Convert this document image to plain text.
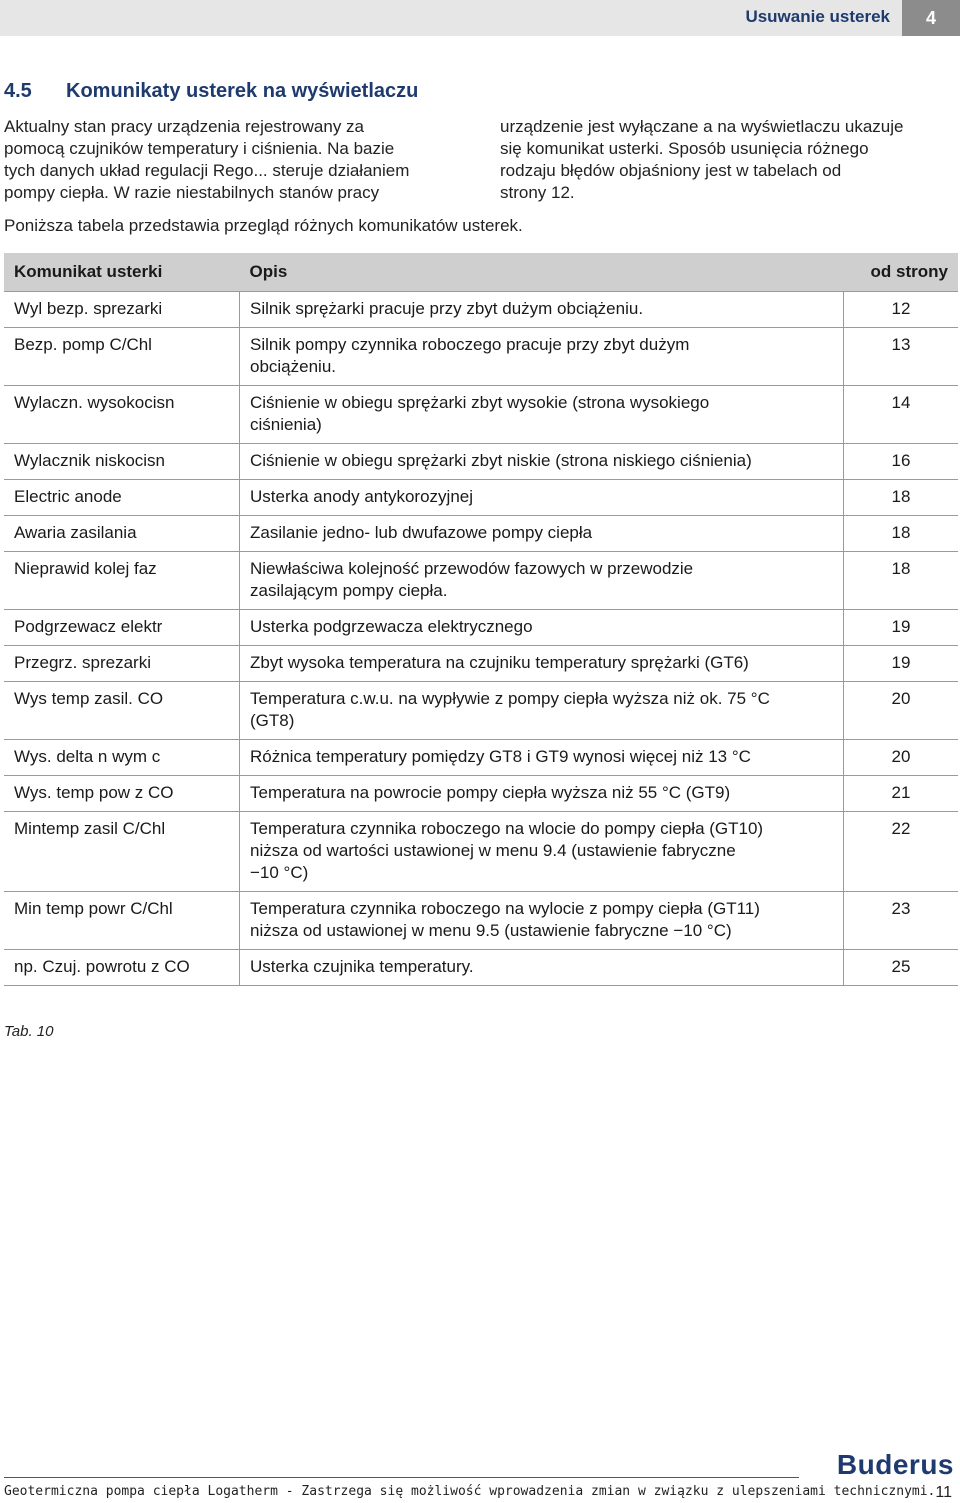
Usuwanie usterek	4
4.5 Komunikaty usterek na wyświetlaczu
Aktualny stan pracy urządzenia rejestrowany za
pomocą czujników temperatury i ciśnienia. Na bazie
tych danych układ regulacji Rego... steruje działaniem
pompy ciepła. W razie niestabilnych stanów pracy
urządzenie jest wyłączane a na wyświetlaczu ukazuje
się komunikat usterki. Sposób usunięcia różnego
rodzaju błędów objaśniony jest w tabelach od
strony 12.
Poniższa tabela przedstawia przegląd różnych komunikatów usterek.
Komunikat usterki	Opis	od strony
Wyl bezp. sprezarki	Silnik sprężarki pracuje przy zbyt dużym obciążeniu.	12
Bezp. pomp C/Chl	Silnik pompy czynnika roboczego pracuje przy zbyt dużym
obciążeniu.	13
Wylaczn. wysokocisn	Ciśnienie w obiegu sprężarki zbyt wysokie (strona wysokiego
ciśnienia)	14
Wylacznik niskocisn	Ciśnienie w obiegu sprężarki zbyt niskie (strona niskiego ciśnienia)	16
Electric anode	Usterka anody antykorozyjnej	18
Awaria zasilania	Zasilanie jedno- lub dwufazowe pompy ciepła	18
Nieprawid kolej faz	Niewłaściwa kolejność przewodów fazowych w przewodzie
zasilającym pompy ciepła.	18
Podgrzewacz elektr	Usterka podgrzewacza elektrycznego	19
Przegrz. sprezarki	Zbyt wysoka temperatura na czujniku temperatury sprężarki (GT6)	19
Wys temp zasil. CO	Temperatura c.w.u. na wypływie z pompy ciepła wyższa niż ok. 75 °C
(GT8)	20
Wys. delta n wym c	Różnica temperatury pomiędzy GT8 i GT9 wynosi więcej niż 13 °C	20
Wys. temp pow z CO	Temperatura na powrocie pompy ciepła wyższa niż 55 °C (GT9)	21
Mintemp zasil C/Chl	Temperatura czynnika roboczego na wlocie do pompy ciepła (GT10)
niższa od wartości ustawionej w menu 9.4 (ustawienie fabryczne
−10 °C)	22
Min temp powr C/Chl	Temperatura czynnika roboczego na wylocie z pompy ciepła (GT11)
niższa od ustawionej w menu 9.5 (ustawienie fabryczne −10 °C)	23
np. Czuj. powrotu z CO	Usterka czujnika temperatury.	25
Tab. 10
Buderus
Geotermiczna pompa ciepła Logatherm - Zastrzega się możliwość wprowadzenia zmian w związku z ulepszeniami technicznymi. 11
